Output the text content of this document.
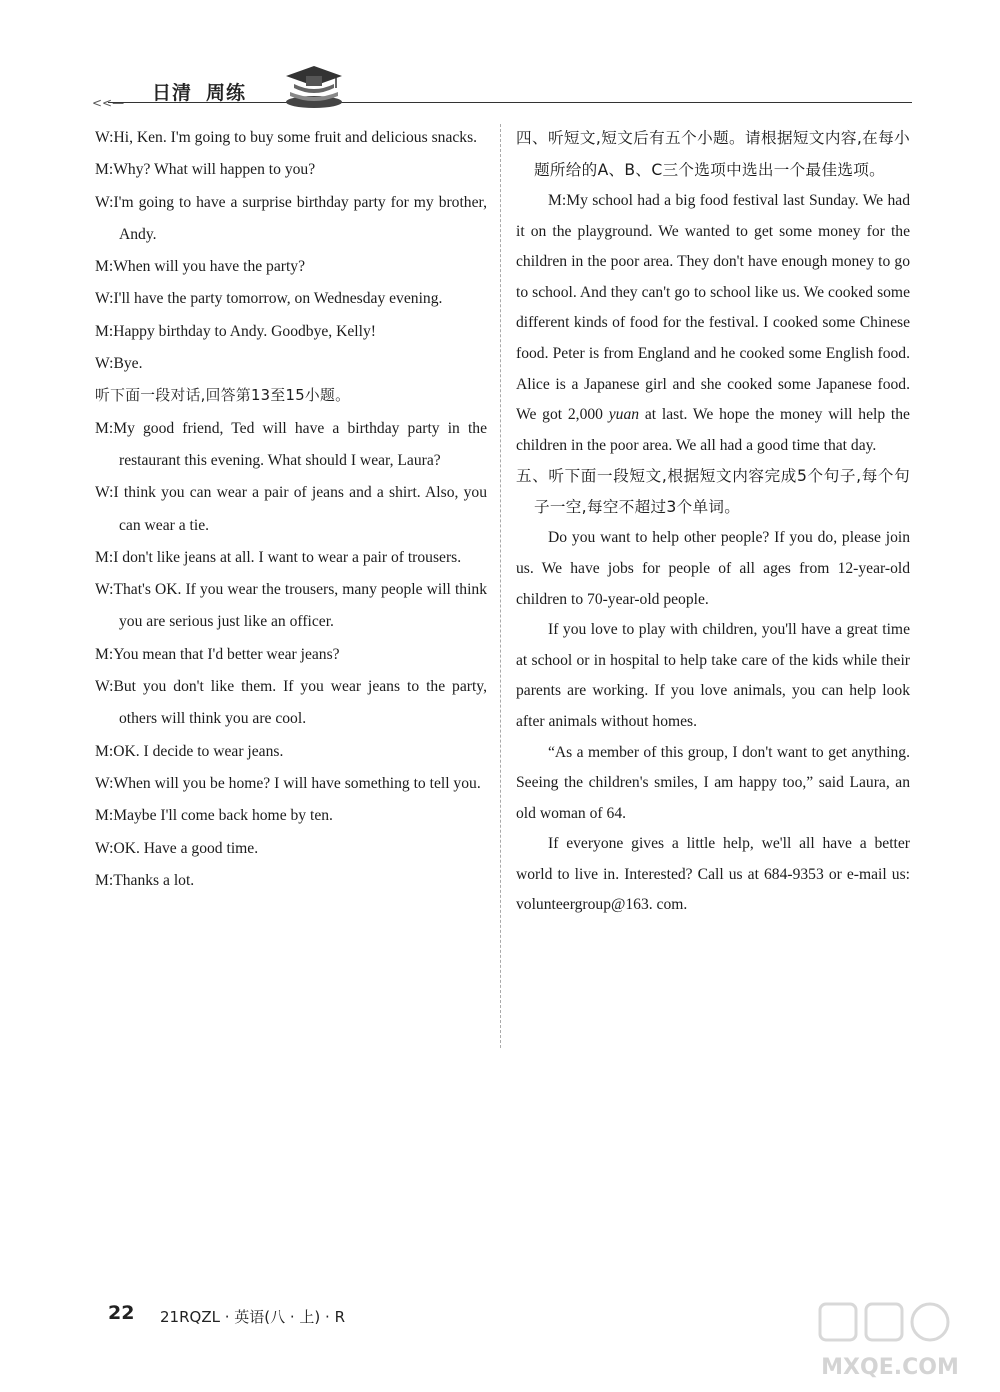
<<— 日清 周练

W:Hi, Ken. I'm going to buy some fruit and delicious snacks.

M:Why? What will happen to you?

W:I'm going to have a surprise birthday party for my brother, Andy.

M:When will you have the party?

W:I'll have the party tomorrow, on Wednesday evening.

M:Happy birthday to Andy. Goodbye, Kelly!

W:Bye.

听下面一段对话,回答第13至15小题。

M:My good friend, Ted will have a birthday party in the restaurant this evening. What should I wear, Laura?

W:I think you can wear a pair of jeans and a shirt. Also, you can wear a tie.

M:I don't like jeans at all. I want to wear a pair of trousers.

W:That's OK. If you wear the trousers, many people will think you are serious just like an officer.

M:You mean that I'd better wear jeans?

W:But you don't like them. If you wear jeans to the party, others will think you are cool.

M:OK. I decide to wear jeans.

W:When will you be home? I will have something to tell you.

M:Maybe I'll come back home by ten.

W:OK. Have a good time.

M:Thanks a lot.

四、听短文,短文后有五个小题。请根据短文内容,在每小题所给的A、B、C三个选项中选出一个最佳选项。

M:My school had a big food festival last Sunday. We had it on the playground. We wanted to get some money for the children in the poor area. They don't have enough money to go to school. And they can't go to school like us. We cooked some different kinds of food for the festival. I cooked some Chinese food. Peter is from England and he cooked some English food. Alice is a Japanese girl and she cooked some Japanese food. We got 2,000 yuan at last. We hope the money will help the children in the poor area. We all had a good time that day.

五、听下面一段短文,根据短文内容完成5个句子,每个句子一空,每空不超过3个单词。

Do you want to help other people? If you do, please join us. We have jobs for people of all ages from 12-year-old children to 70-year-old people.

If you love to play with children, you'll have a great time at school or in hospital to help take care of the kids while their parents are working. If you love animals, you can help look after animals without homes.

“As a member of this group, I don't want to get anything. Seeing the children's smiles, I am happy too,” said Laura, an old woman of 64.

If everyone gives a little help, we'll all have a better world to live in. Interested? Call us at 684-9353 or e-mail us: volunteergroup@163. com.

22 21RQZL · 英语(八 · 上) · R
MXQE.COM
